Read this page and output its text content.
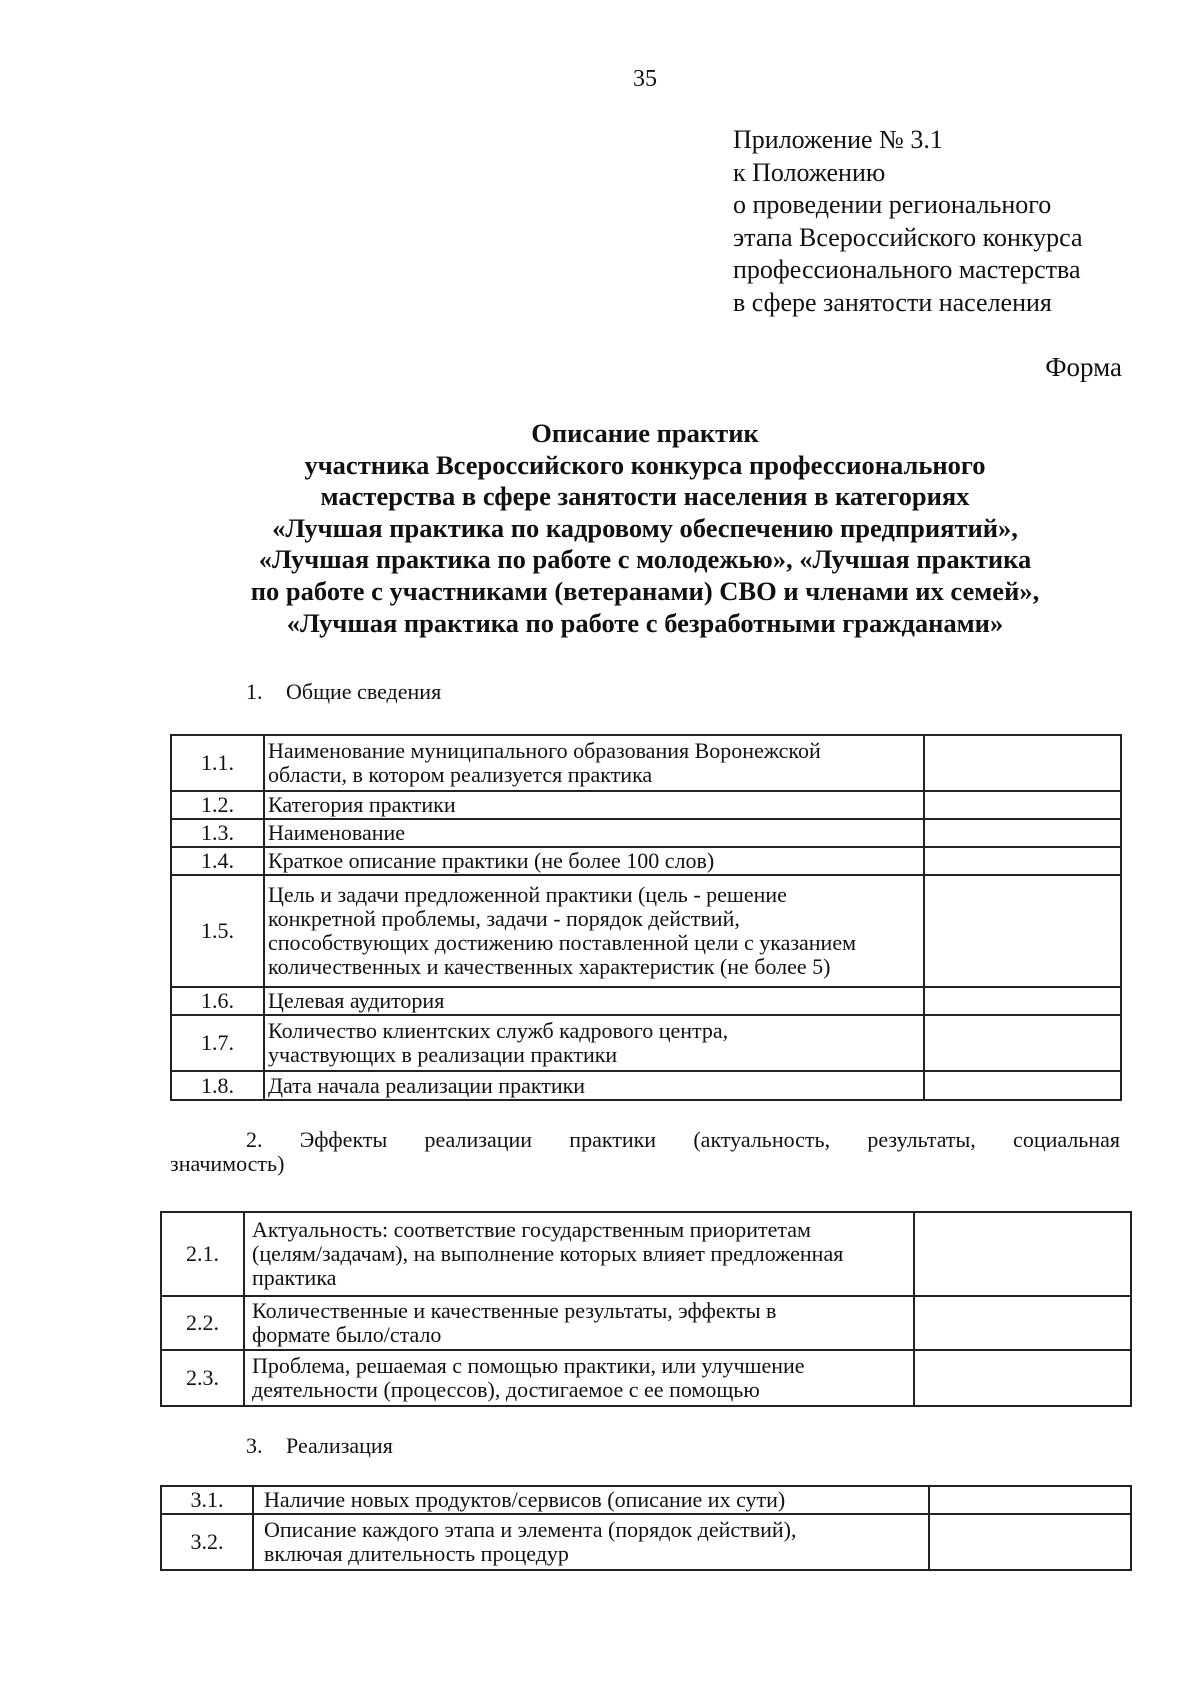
35
Приложение № 3.1
к Положению
о проведении регионального
этапа Всероссийского конкурса
профессионального мастерства
в сфере занятости населения
Форма
Описание практик
участника Всероссийского конкурса профессионального
мастерства в сфере занятости населения в категориях
«Лучшая практика по кадровому обеспечению предприятий»,
«Лучшая практика по работе с молодежью», «Лучшая практика
по работе с участниками (ветеранами) СВО и членами их семей»,
«Лучшая практика по работе с безработными гражданами»
1. Общие сведения
1.1.	Наименование муниципального образования Воронежской
области, в котором реализуется практика	

1.2.	Категория практики	

1.3.	Наименование	

1.4.	Краткое описание практики (не более 100 слов)	

1.5.	Цель и задачи предложенной практики (цель - решение
конкретной проблемы, задачи - порядок действий,
способствующих достижению поставленной цели с указанием
количественных и качественных характеристик (не более 5)	

1.6.	Целевая аудитория	

1.7.	Количество клиентских служб кадрового центра,
участвующих в реализации практики	

1.8.	Дата начала реализации практики	

2. Эффекты реализации практики (актуальность, результаты, социальная
значимость)
2.1.	Актуальность: соответствие государственным приоритетам
(целям/задачам), на выполнение которых влияет предложенная
практика	

2.2.	Количественные и качественные результаты, эффекты в
формате было/стало	

2.3.	Проблема, решаемая с помощью практики, или улучшение
деятельности (процессов), достигаемое с ее помощью	

3. Реализация
3.1.	Наличие новых продуктов/сервисов (описание их сути)	

3.2.	Описание каждого этапа и элемента (порядок действий),
включая длительность процедур	
